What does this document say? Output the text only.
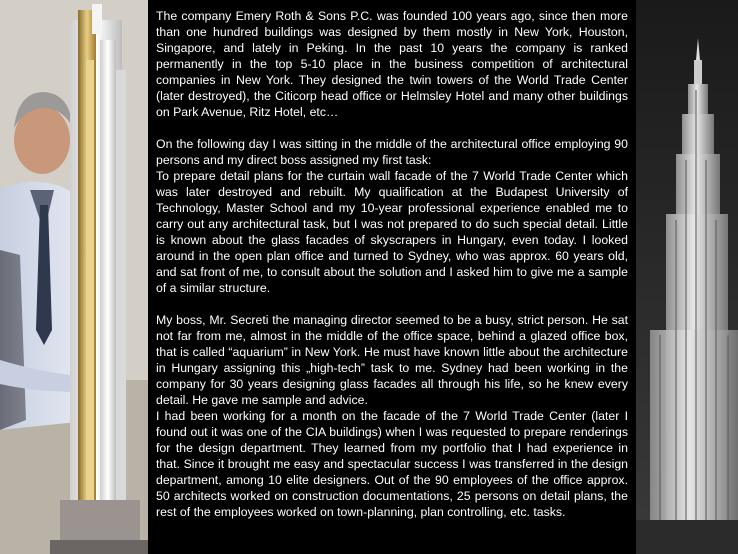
The company Emery Roth & Sons P.C. was founded 100 years ago, since then more than one hundred buildings was designed by them mostly in New York, Houston, Singapore, and lately in Peking. In the past 10 years the company is ranked permanently in the top 5-10 place in the business competition of architectural companies in New York. They designed the twin towers of the World Trade Center (later destroyed), the Citicorp head office or Helmsley Hotel and many other buildings on Park Avenue, Ritz Hotel, etc…

On the following day I was sitting in the middle of the architectural office employing 90 persons and my direct boss assigned my first task:

To prepare detail plans for the curtain wall facade of the 7 World Trade Center which was later destroyed and rebuilt. My qualification at the Budapest University of Technology, Master School and my 10-year professional experience enabled me to carry out any architectural task, but I was not prepared to do such special detail. Little is known about the glass facades of skyscrapers in Hungary, even today. I looked around in the open plan office and turned to Sydney, who was approx. 60 years old, and sat front of me, to consult about the solution and I asked him to give me a sample of a similar structure.

My boss, Mr. Secreti the managing director seemed to be a busy, strict person. He sat not far from me, almost in the middle of the office space, behind a glazed office box, that is called “aquarium” in New York. He must have known little about the architecture in Hungary assigning this „high-tech” task to me. Sydney had been working in the company for 30 years designing glass facades all through his life, so he knew every detail. He gave me sample and advice.

I had been working for a month on the facade of the 7 World Trade Center (later I found out it was one of the CIA buildings) when I was requested to prepare renderings for the design department. They learned from my portfolio that I had experience in that. Since it brought me easy and spectacular success I was transferred in the design department, among 10 elite designers. Out of the 90 employees of the office approx. 50 architects worked on construction documentations, 25 persons on detail plans, the rest of the employees worked on town-planning, plan controlling, etc. tasks.
